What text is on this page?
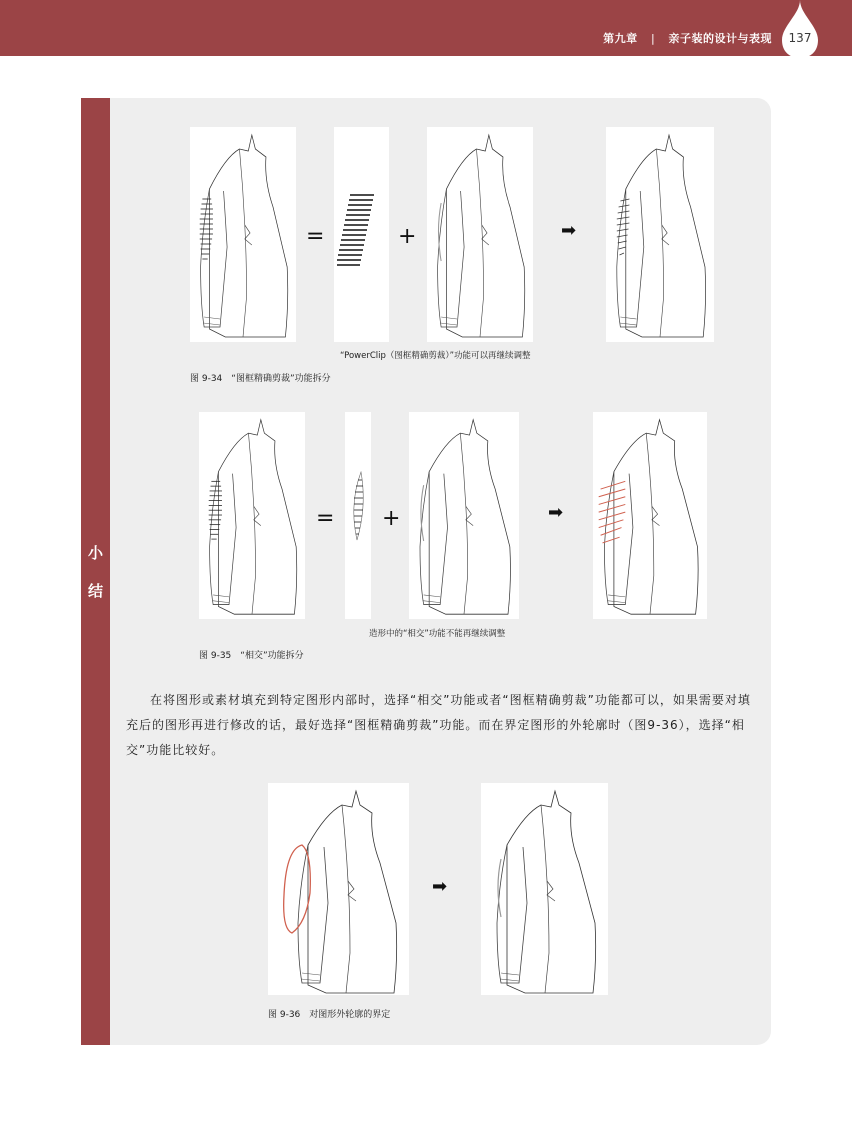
第九章 | 亲子装的设计与表现	137
小
结
=	+	➡
“PowerClip（图框精确剪裁）”功能可以再继续调整
图 9-34　“图框精确剪裁”功能拆分
= +	➡
造形中的“相交”功能不能再继续调整
图 9-35　“相交”功能拆分
在将图形或素材填充到特定图形内部时，选择“相交”功能或者“图框精确剪裁”功能都可以，如果需要对填充后的图形再进行修改的话，最好选择“图框精确剪裁”功能。而在界定图形的外轮廓时（图9-36），选择“相交”功能比较好。
➡
图 9-36　对图形外轮廓的界定
